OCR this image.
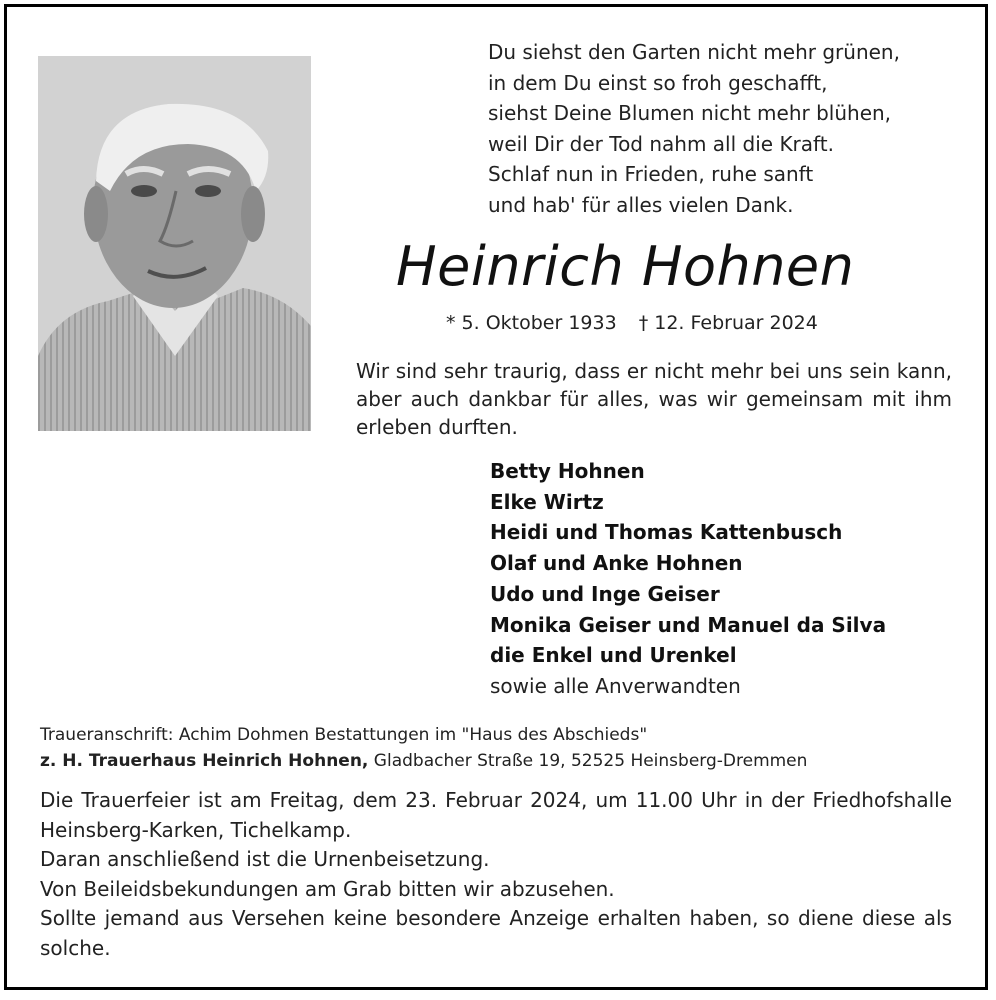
Du siehst den Garten nicht mehr grünen,
in dem Du einst so froh geschafft,
siehst Deine Blumen nicht mehr blühen,
weil Dir der Tod nahm all die Kraft.
Schlaf nun in Frieden, ruhe sanft
und hab' für alles vielen Dank.
Heinrich Hohnen
* 5. Oktober 1933 † 12. Februar 2024
Wir sind sehr traurig, dass er nicht mehr bei uns sein kann, aber auch dankbar für alles, was wir gemeinsam mit ihm erleben durften.
Betty Hohnen
Elke Wirtz
Heidi und Thomas Kattenbusch
Olaf und Anke Hohnen
Udo und Inge Geiser
Monika Geiser und Manuel da Silva
die Enkel und Urenkel
sowie alle Anverwandten
Traueranschrift: Achim Dohmen Bestattungen im "Haus des Abschieds"
z. H. Trauerhaus Heinrich Hohnen, Gladbacher Straße 19, 52525 Heinsberg-Dremmen

Die Trauerfeier ist am Freitag, dem 23. Februar 2024, um 11.00 Uhr in der Friedhofshalle Heinsberg-Karken, Tichelkamp.

Daran anschließend ist die Urnenbeisetzung.

Von Beileidsbekundungen am Grab bitten wir abzusehen.

Sollte jemand aus Versehen keine besondere Anzeige erhalten haben, so diene diese als solche.
